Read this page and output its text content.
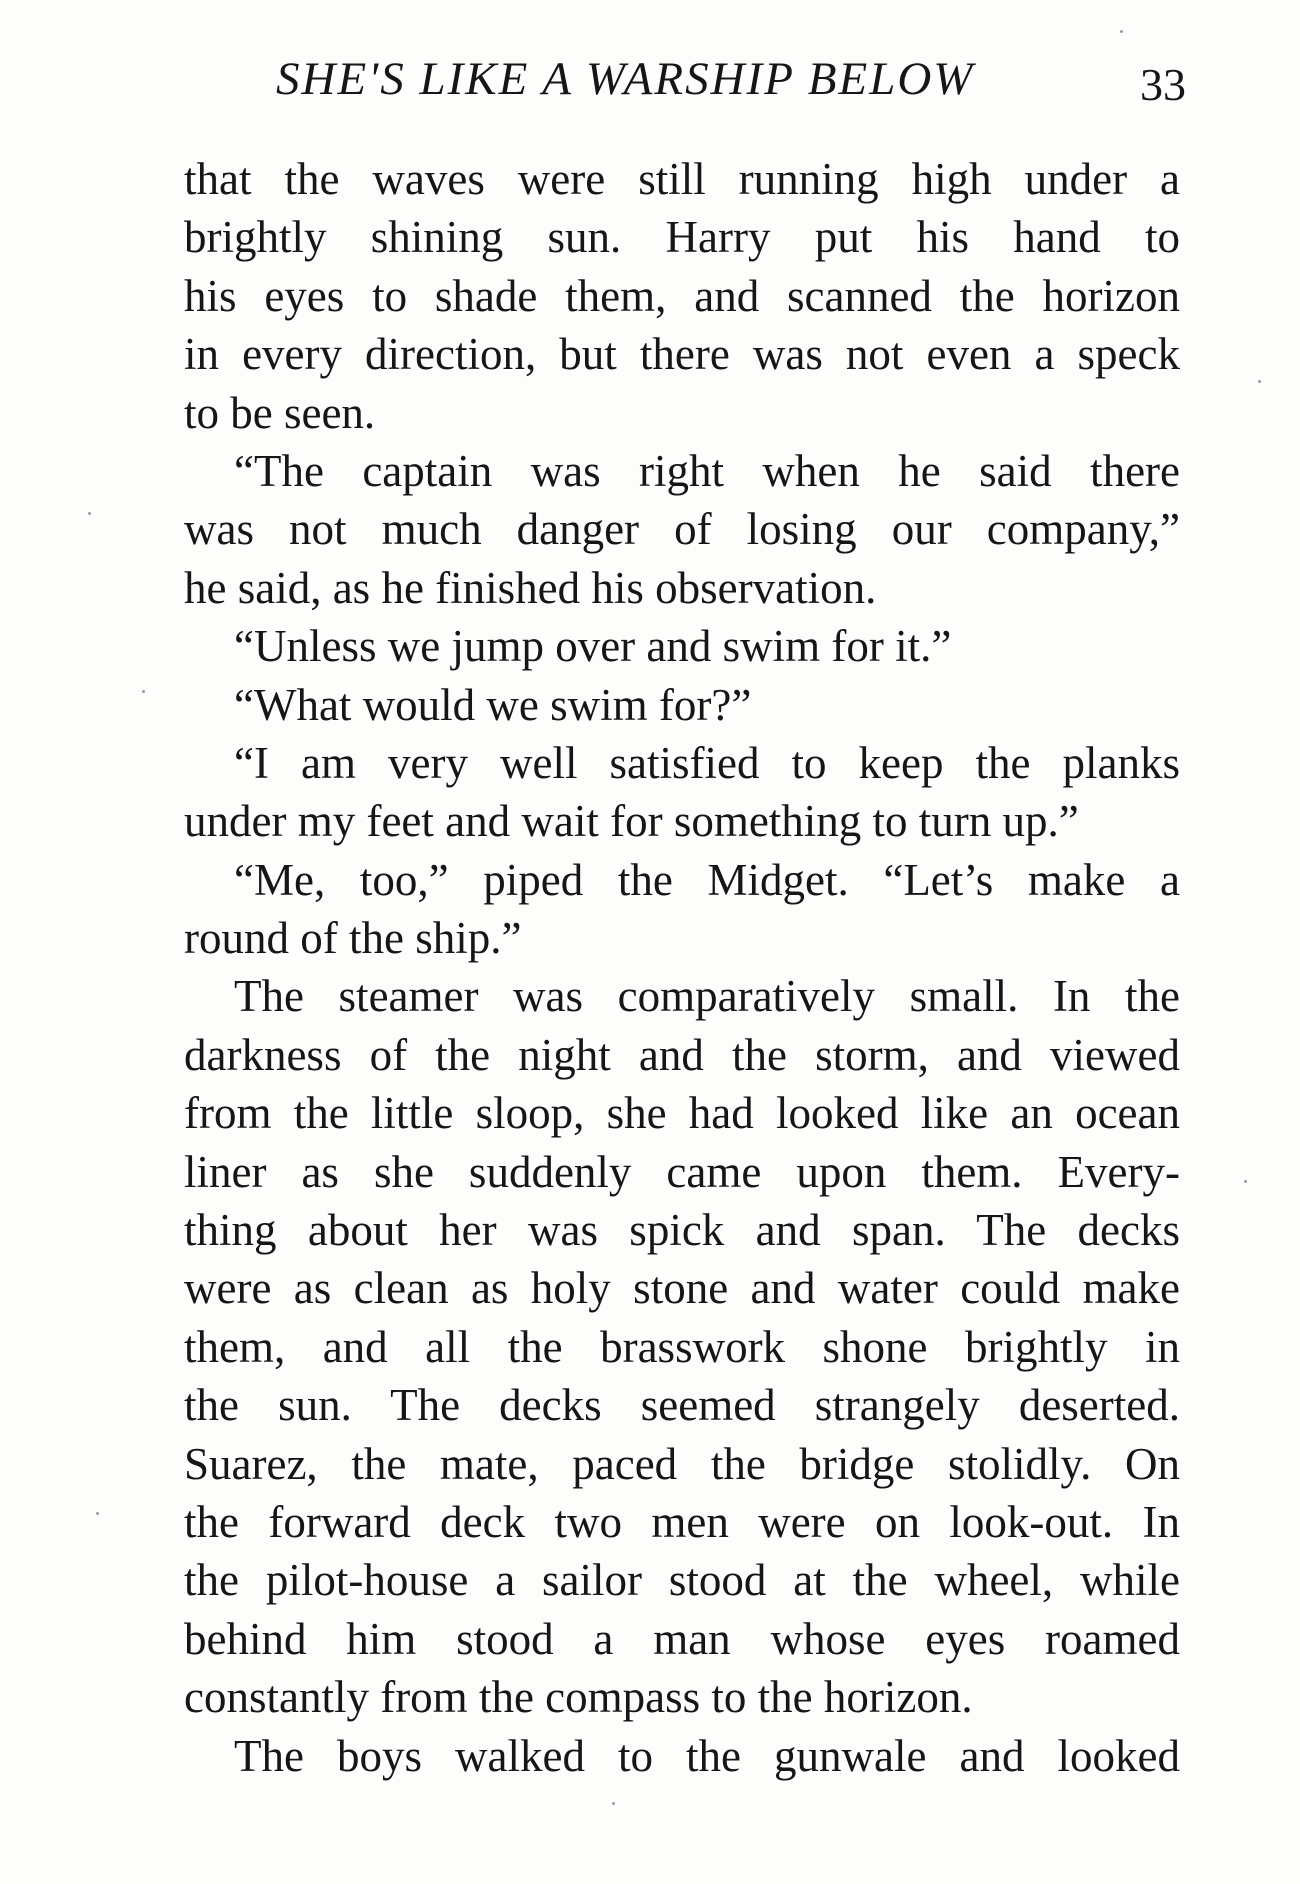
SHE'S LIKE A WARSHIP BELOW	33
that the waves were still running high under a
brightly shining sun. Harry put his hand to
his eyes to shade them, and scanned the horizon
in every direction, but there was not even a speck
to be seen.
“The captain was right when he said there
was not much danger of losing our company,”
he said, as he finished his observation.
“Unless we jump over and swim for it.”
“What would we swim for?”
“I am very well satisfied to keep the planks
under my feet and wait for something to turn up.”
“Me, too,” piped the Midget. “Let’s make a
round of the ship.”
The steamer was comparatively small. In the
darkness of the night and the storm, and viewed
from the little sloop, she had looked like an ocean
liner as she suddenly came upon them. Every-
thing about her was spick and span. The decks
were as clean as holy stone and water could make
them, and all the brasswork shone brightly in
the sun. The decks seemed strangely deserted.
Suarez, the mate, paced the bridge stolidly. On
the forward deck two men were on look-out. In
the pilot-house a sailor stood at the wheel, while
behind him stood a man whose eyes roamed
constantly from the compass to the horizon.
The boys walked to the gunwale and looked
